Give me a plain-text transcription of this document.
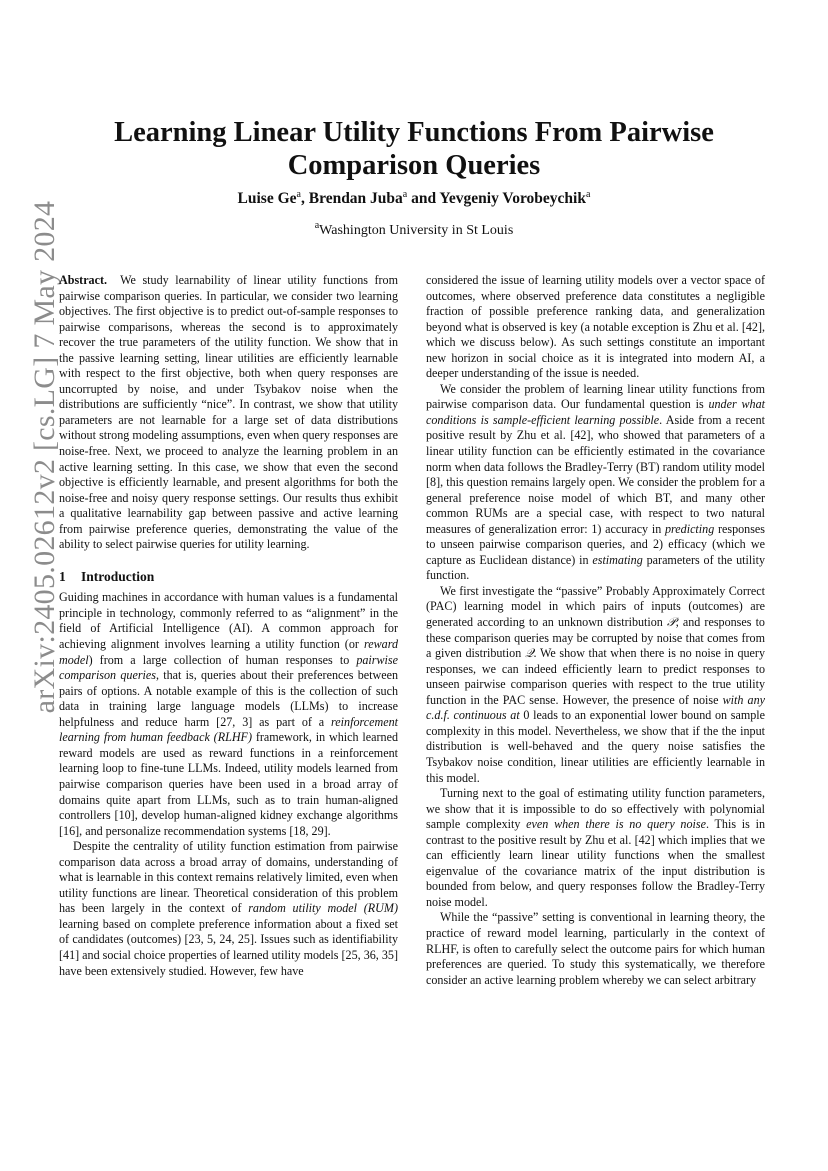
arXiv:2405.02612v2 [cs.LG] 7 May 2024
Learning Linear Utility Functions From Pairwise Comparison Queries
Luise Ge$^a$, Brendan Juba$^a$ and Yevgeniy Vorobeychik$^a$
$^a$Washington University in St Louis

Abstract. We study learnability of linear utility functions from pairwise comparison queries. In particular, we consider two learning objectives. The first objective is to predict out-of-sample responses to pairwise comparisons, whereas the second is to approximately recover the true parameters of the utility function. We show that in the passive learning setting, linear utilities are efficiently learnable with respect to the first objective, both when query responses are uncorrupted by noise, and under Tsybakov noise when the distributions are sufficiently “nice”. In contrast, we show that utility parameters are not learnable for a large set of data distributions without strong modeling assumptions, even when query responses are noise-free. Next, we proceed to analyze the learning problem in an active learning setting. In this case, we show that even the second objective is efficiently learnable, and present algorithms for both the noise-free and noisy query response settings. Our results thus exhibit a qualitative learnability gap between passive and active learning from pairwise preference queries, demonstrating the value of the ability to select pairwise queries for utility learning.

1 Introduction

Guiding machines in accordance with human values is a fundamental principle in technology, commonly referred to as “alignment” in the field of Artificial Intelligence (AI). A common approach for achieving alignment involves learning a utility function (or reward model) from a large collection of human responses to pairwise comparison queries, that is, queries about their preferences between pairs of options. A notable example of this is the collection of such data in training large language models (LLMs) to increase helpfulness and reduce harm [27, 3] as part of a reinforcement learning from human feedback (RLHF) framework, in which learned reward models are used as reward functions in a reinforcement learning loop to fine-tune LLMs. Indeed, utility models learned from pairwise comparison queries have been used in a broad array of domains quite apart from LLMs, such as to train human-aligned controllers [10], develop human-aligned kidney exchange algorithms [16], and personalize recommendation systems [18, 29].

Despite the centrality of utility function estimation from pairwise comparison data across a broad array of domains, understanding of what is learnable in this context remains relatively limited, even when utility functions are linear. Theoretical consideration of this problem has been largely in the context of random utility model (RUM) learning based on complete preference information about a fixed set of candidates (outcomes) [23, 5, 24, 25]. Issues such as identifiability [41] and social choice properties of learned utility models [25, 36, 35] have been extensively studied. However, few have

considered the issue of learning utility models over a vector space of outcomes, where observed preference data constitutes a negligible fraction of possible preference ranking data, and generalization beyond what is observed is key (a notable exception is Zhu et al. [42], which we discuss below). As such settings constitute an important new horizon in social choice as it is integrated into modern AI, a deeper understanding of the issue is needed.

We consider the problem of learning linear utility functions from pairwise comparison data. Our fundamental question is under what conditions is sample-efficient learning possible. Aside from a recent positive result by Zhu et al. [42], who showed that parameters of a linear utility function can be efficiently estimated in the covariance norm when data follows the Bradley-Terry (BT) random utility model [8], this question remains largely open. We consider the problem for a general preference noise model of which BT, and many other common RUMs are a special case, with respect to two natural measures of generalization error: 1) accuracy in predicting responses to unseen pairwise comparison queries, and 2) efficacy (which we capture as Euclidean distance) in estimating parameters of the utility function.

We first investigate the “passive” Probably Approximately Correct (PAC) learning model in which pairs of inputs (outcomes) are generated according to an unknown distribution 𝒫, and responses to these comparison queries may be corrupted by noise that comes from a given distribution 𝒬. We show that when there is no noise in query responses, we can indeed efficiently learn to predict responses to unseen pairwise comparison queries with respect to the true utility function in the PAC sense. However, the presence of noise with any c.d.f. continuous at 0 leads to an exponential lower bound on sample complexity in this model. Nevertheless, we show that if the the input distribution is well-behaved and the query noise satisfies the Tsybakov noise condition, linear utilities are efficiently learnable in this model.

Turning next to the goal of estimating utility function parameters, we show that it is impossible to do so effectively with polynomial sample complexity even when there is no query noise. This is in contrast to the positive result by Zhu et al. [42] which implies that we can efficiently learn linear utility functions when the smallest eigenvalue of the covariance matrix of the input distribution is bounded from below, and query responses follow the Bradley-Terry noise model.

While the “passive” setting is conventional in learning theory, the practice of reward model learning, particularly in the context of RLHF, is often to carefully select the outcome pairs for which human preferences are queried. To study this systematically, we therefore consider an active learning problem whereby we can select arbitrary
